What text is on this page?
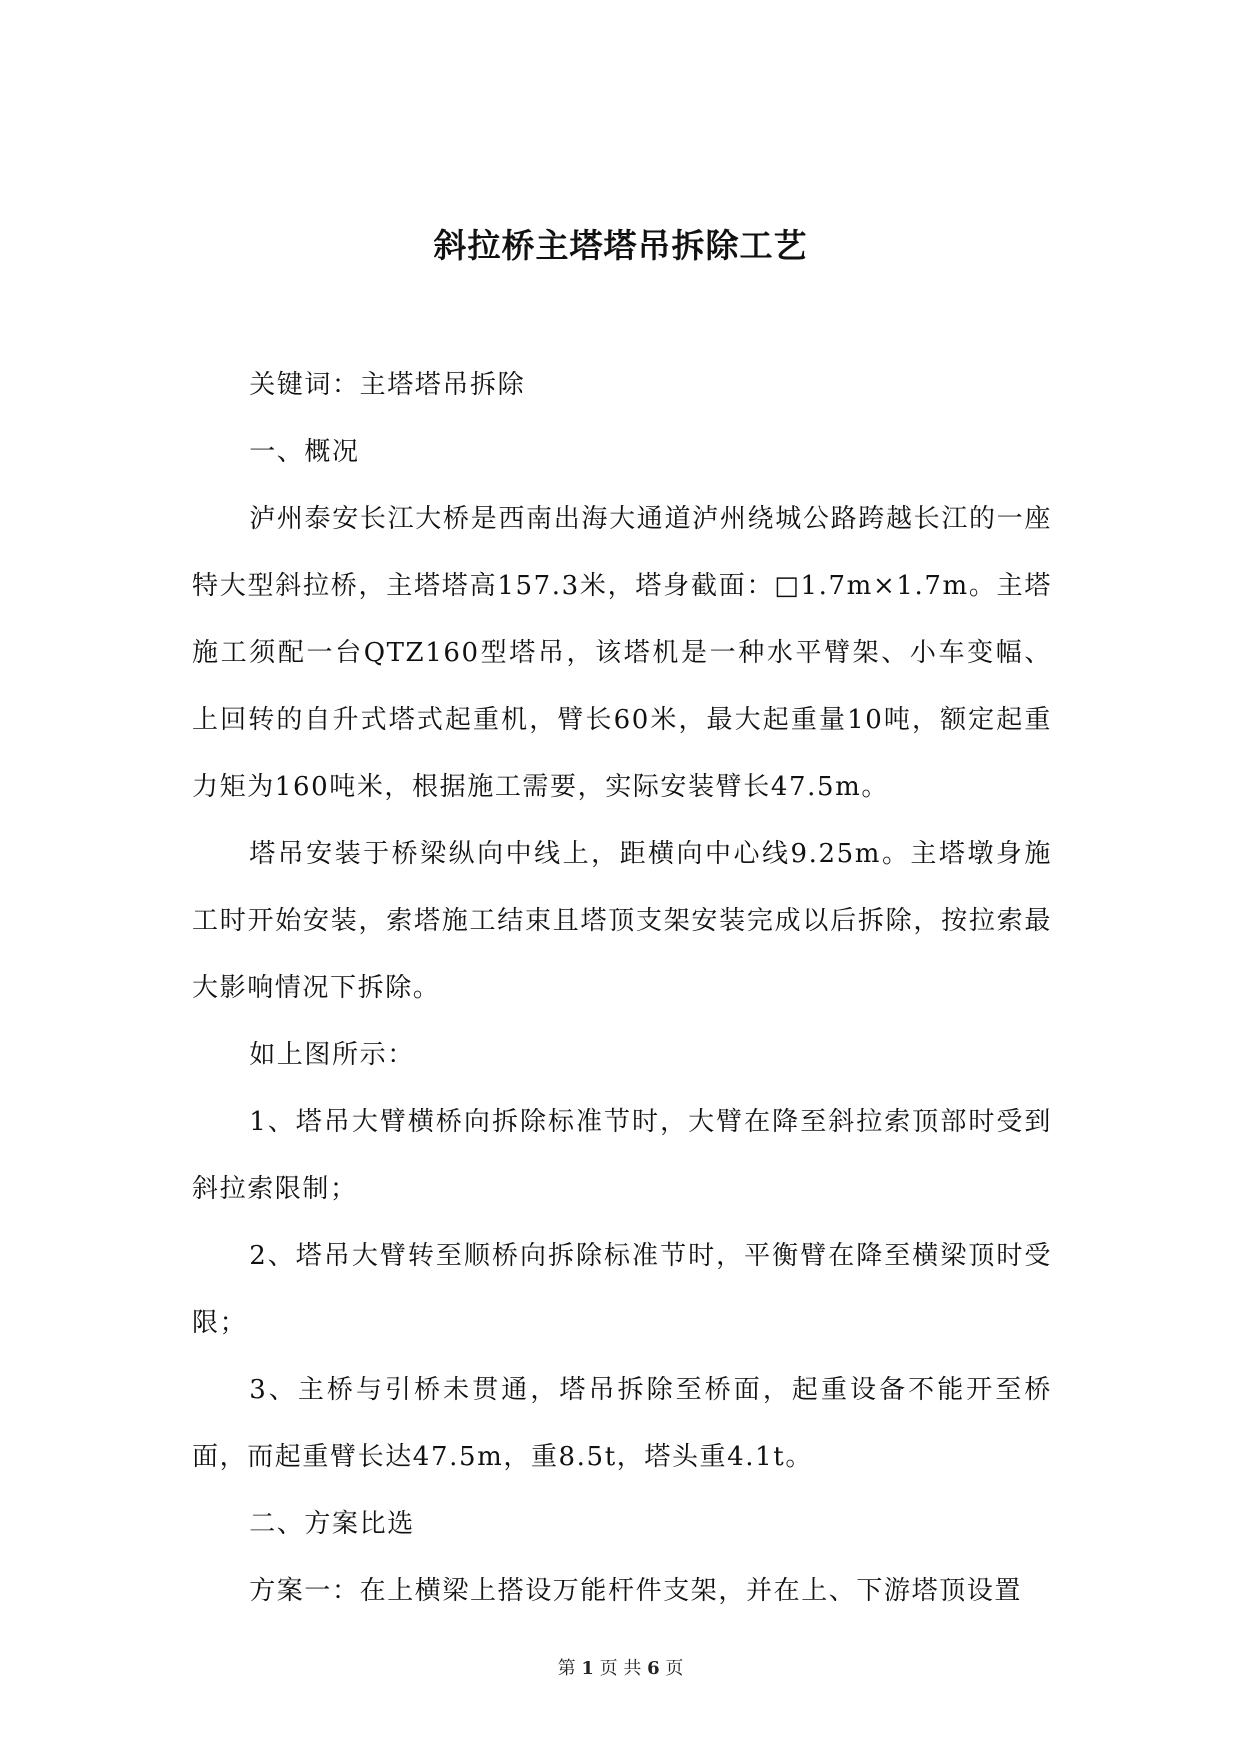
斜拉桥主塔塔吊拆除工艺

关键词：主塔塔吊拆除

一、概况

泸州泰安长江大桥是西南出海大通道泸州绕城公路跨越长江的一座特大型斜拉桥，主塔塔高157.3米，塔身截面：□1.7m×1.7m。主塔施工须配一台QTZ160型塔吊，该塔机是一种水平臂架、小车变幅、上回转的自升式塔式起重机，臂长60米，最大起重量10吨，额定起重力矩为160吨米，根据施工需要，实际安装臂长47.5m。

塔吊安装于桥梁纵向中线上，距横向中心线9.25m。主塔墩身施工时开始安装，索塔施工结束且塔顶支架安装完成以后拆除，按拉索最大影响情况下拆除。

如上图所示：

1、塔吊大臂横桥向拆除标准节时，大臂在降至斜拉索顶部时受到斜拉索限制；

2、塔吊大臂转至顺桥向拆除标准节时，平衡臂在降至横梁顶时受限；

3、主桥与引桥未贯通，塔吊拆除至桥面，起重设备不能开至桥面，而起重臂长达47.5m，重8.5t，塔头重4.1t。

二、方案比选

方案一：在上横梁上搭设万能杆件支架，并在上、下游塔顶设置

第 1 页 共 6 页
